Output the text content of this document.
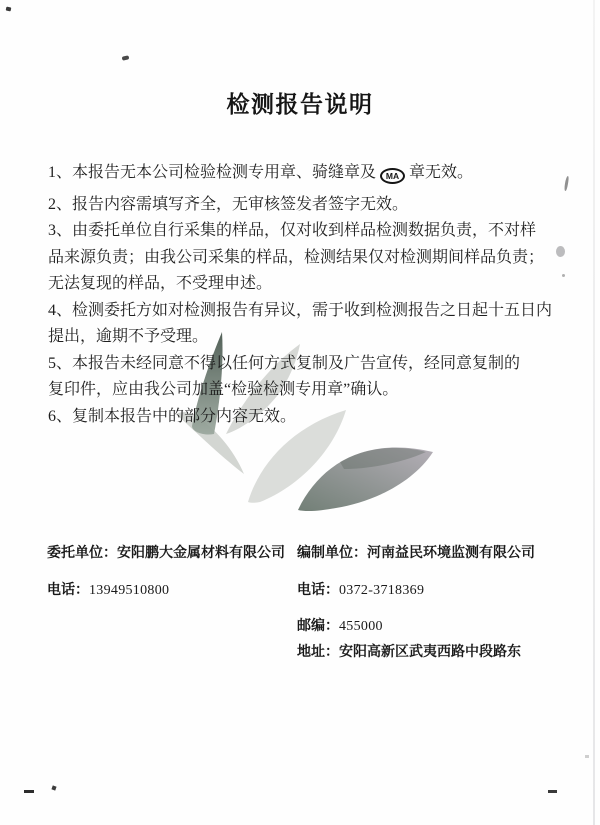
检测报告说明

1、本报告无本公司检验检测专用章、骑缝章及 MA 章无效。

2、报告内容需填写齐全，无审核签发者签字无效。

3、由委托单位自行采集的样品，仅对收到样品检测数据负责，不对样

品来源负责；由我公司采集的样品，检测结果仅对检测期间样品负责；

无法复现的样品，不受理申述。

4、检测委托方如对检测报告有异议，需于收到检测报告之日起十五日内

提出，逾期不予受理。

5、本报告未经同意不得以任何方式复制及广告宣传，经同意复制的

复印件，应由我公司加盖“检验检测专用章”确认。

6、复制本报告中的部分内容无效。

委托单位：安阳鹏大金属材料有限公司
电话：13949510800
编制单位：河南益民环境监测有限公司
电话：0372-3718369
邮编：455000
地址：安阳高新区武夷西路中段路东
